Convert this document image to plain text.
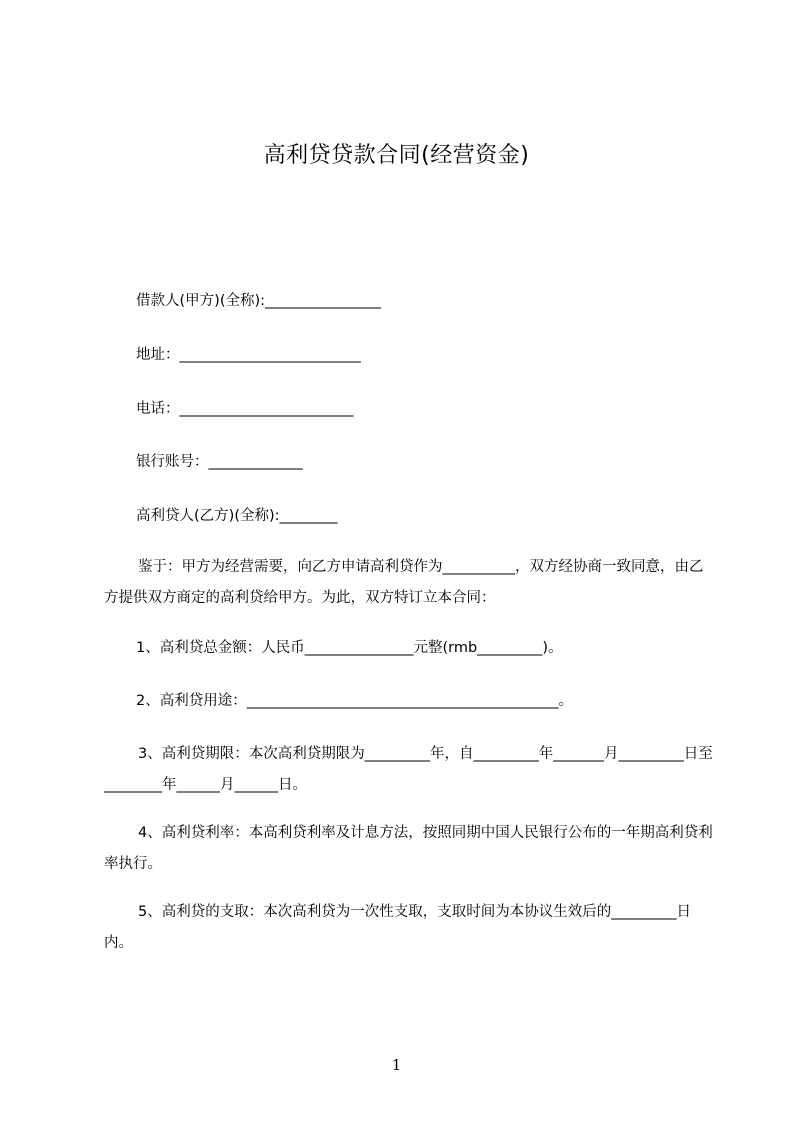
高利贷贷款合同(经营资金)
借款人(甲方)(全称):________________
地址：_________________________
电话：________________________
银行账号：_____________
高利贷人(乙方)(全称):________
鉴于：甲方为经营需要，向乙方申请高利贷作为__________，双方经协商一致同意，由乙方提供双方商定的高利贷给甲方。为此，双方特订立本合同：
1、高利贷总金额：人民币_______________元整(rmb_________)。
2、高利贷用途：___________________________________________。
3、高利贷期限：本次高利贷期限为_________年，自_________年_______月_________日至________年______月______日。
4、高利贷利率：本高利贷利率及计息方法，按照同期中国人民银行公布的一年期高利贷利率执行。
5、高利贷的支取：本次高利贷为一次性支取，支取时间为本协议生效后的_________日内。
1
